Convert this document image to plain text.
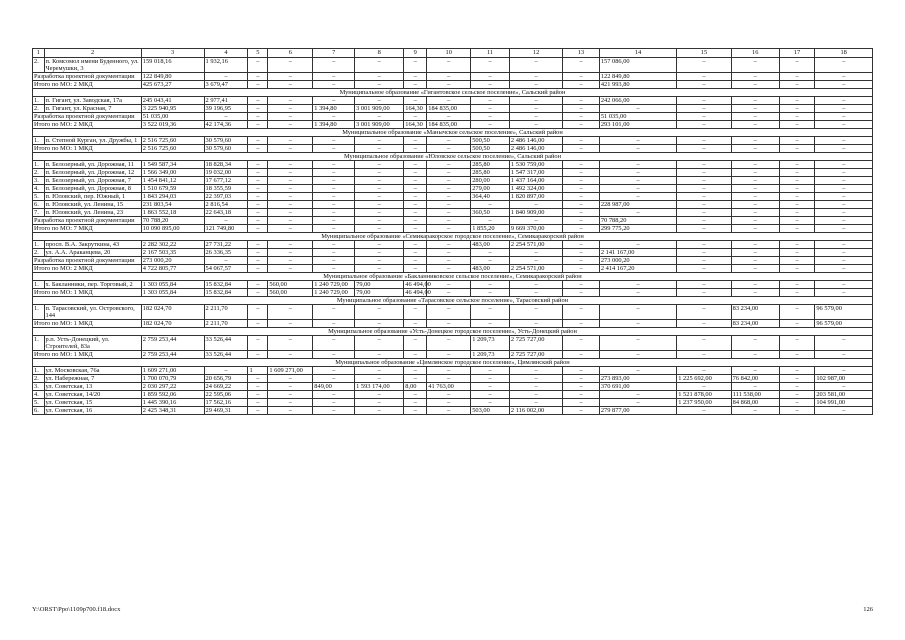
1	2	3	4	5	6	7	8	9	10	11	12	13	14	15	16	17	18
2.	п. Комсомол имени Буденного, ул. Черемушки, 3	159 018,16	1 932,16	–	–	–	–	–	–	–	–	–	157 086,00	–	–	–	–
Разработка проектной документации		122 849,80	–	–	–	–	–	–	–	–	–	–	122 849,80	–	–	–	–
Итого по МО: 2 МКД		425 673,27	3 679,47	–	–	–	–	–	–	–	–	–	421 993,80	–	–	–	–
Муниципальное образование «Гигантовское сельское поселение», Сальский район																	
1.	п. Гигант, ул. Заводская, 17а	245 043,41	2 977,41	–	–	–	–	–	–	–	–	–	242 066,00	–	–	–	–
2.	п. Гигант, ул. Красная, 7	3 225 940,95	39 196,95	–	–	1 394,80	3 001 909,00	164,30	184 835,00	–	–	–	–	–	–	–	–
Разработка проектной документации		51 035,00	–	–	–	–	–	–	–	–	–	–	51 035,00	–	–	–	–
Итого по МО: 2 МКД		3 522 019,36	42 174,36	–	–	1 394,80	3 001 909,00	164,30	184 835,00	–	–	–	293 101,00	–	–	–	–
Муниципальное образование «Манычское сельское поселение», Сальский район																	
1.	п. Степной Курган, ул. Дружбы, 1	2 516 725,60	30 579,60	–	–	–	–	–	–	500,50	2 486 146,00	–	–	–	–	–	–
Итого по МО: 1 МКД		2 516 725,60	30 579,60	–	–	–	–	–	–	500,50	2 486 146,00	–	–	–	–	–	–
Муниципальное образование «Юловское сельское поселение», Сальский район																	
1.	п. Белозерный, ул. Дорожная, 11	1 549 587,34	18 828,34	–	–	–	–	–	–	285,80	1 530 759,00	–	–	–	–	–	–
2.	п. Белозерный, ул. Дорожная, 12	1 566 349,00	19 032,00	–	–	–	–	–	–	285,80	1 547 317,00	–	–	–	–	–	–
3.	п. Белозерный, ул. Дорожная, 7	1 454 841,12	17 677,12	–	–	–	–	–	–	280,00	1 437 164,00	–	–	–	–	–	–
4.	п. Белозерный, ул. Дорожная, 8	1 510 679,59	18 355,59	–	–	–	–	–	–	279,00	1 492 324,00	–	–	–	–	–	–
5.	п. Юловский, пер. Южный, 1	1 843 294,03	22 397,03	–	–	–	–	–	–	364,40	1 820 897,00	–	–	–	–	–	–
6.	п. Юловский, ул. Ленина, 15	231 803,54	2 816,54	–	–	–	–	–	–	–	–	–	228 987,00	–	–	–	–
7.	п. Юловский, ул. Ленина, 23	1 863 552,18	22 643,18	–	–	–	–	–	–	360,50	1 840 909,00	–	–	–	–	–	–
Разработка проектной документации		70 788,20	–	–	–	–	–	–	–	–	–	–	70 788,20	–	–	–	–
Итого по МО: 7 МКД		10 090 895,00	121 749,80	–	–	–	–	–	–	1 855,20	9 669 370,00	–	299 775,20	–	–	–	–
Муниципальное образование «Семикаракорское городское поселение», Семикаракорский район																	
1.	просп. В.А. Закруткина, 43	2 282 302,22	27 731,22	–	–	–	–	–	–	483,00	2 254 571,00	–	–	–	–	–	–
2.	ул. А.А. Араканцева, 20	2 167 503,35	26 336,35	–	–	–	–	–	–	–	–	–	2 141 167,00	–	–	–	–
Разработка проектной документации		273 000,20	–	–	–	–	–	–	–	–	–	–	273 000,20	–	–	–	–
Итого по МО: 2 МКД		4 722 805,77	54 067,57	–	–	–	–	–	–	483,00	2 254 571,00	–	2 414 167,20	–	–	–	–
Муниципальное образование «Бакланниковское сельское поселение», Семикаракорский район																	
1.	х. Бакланники, пер. Торговый, 2	1 303 055,84	15 832,84	–	560,00	1 240 729,00	79,00	46 494,00	–	–	–	–	–	–	–	–	–
Итого по МО: 1 МКД		1 303 055,84	15 832,84	–	560,00	1 240 729,00	79,00	46 494,00	–	–	–	–	–	–	–	–	–
Муниципальное образование «Тарасовское сельское поселение», Тарасовский район																	
1.	п. Тарасовский, ул. Островского, 144	182 024,70	2 211,70	–	–	–	–	–	–	–	–	–	–	–	83 234,00	–	96 579,00
Итого по МО: 1 МКД		182 024,70	2 211,70	–	–	–	–	–	–	–	–	–	–	–	83 234,00	–	96 579,00
Муниципальное образование «Усть-Донецкое городское поселение», Усть-Донецкий район																	
1.	р.п. Усть-Донецкий, ул. Строителей, 83а	2 759 253,44	33 526,44	–	–	–	–	–	–	1 209,73	2 725 727,00	–	–	–	–	–	–
Итого по МО: 1 МКД		2 759 253,44	33 526,44	–	–	–	–	–	–	1 209,73	2 725 727,00	–	–	–	–	–	–
Муниципальное образование «Цимлянское городское поселение», Цимлянский район																	
1.	ул. Московская, 76а	1 609 271,00	–	1	1 609 271,00	–	–	–	–	–	–	–	–	–	–	–	–
2.	ул. Набережная, 7	1 700 070,79	20 656,79	–	–	–	–	–	–	–	–	–	273 893,00	1 225 692,00	76 842,00	–	102 987,00
3.	ул. Советская, 13	2 030 297,22	24 669,22	–	–	849,00	1 593 174,00	8,00	41 763,00	–	–	–	370 691,00	–	–	–	–
4.	ул. Советская, 14/20	1 859 592,06	22 595,06	–	–	–	–	–	–	–	–	–	–	1 521 878,00	111 538,00	–	203 581,00
5.	ул. Советская, 15	1 445 390,16	17 562,16	–	–	–	–	–	–	–	–	–	–	1 237 950,00	84 868,00	–	104 991,00
6.	ул. Советская, 16	2 425 348,31	29 469,31	–	–	–	–	–	–	503,00	2 116 002,00	–	279 877,00	–	–	–	–
Y:\ORST\Ppo\1109p700.f18.docx	126
